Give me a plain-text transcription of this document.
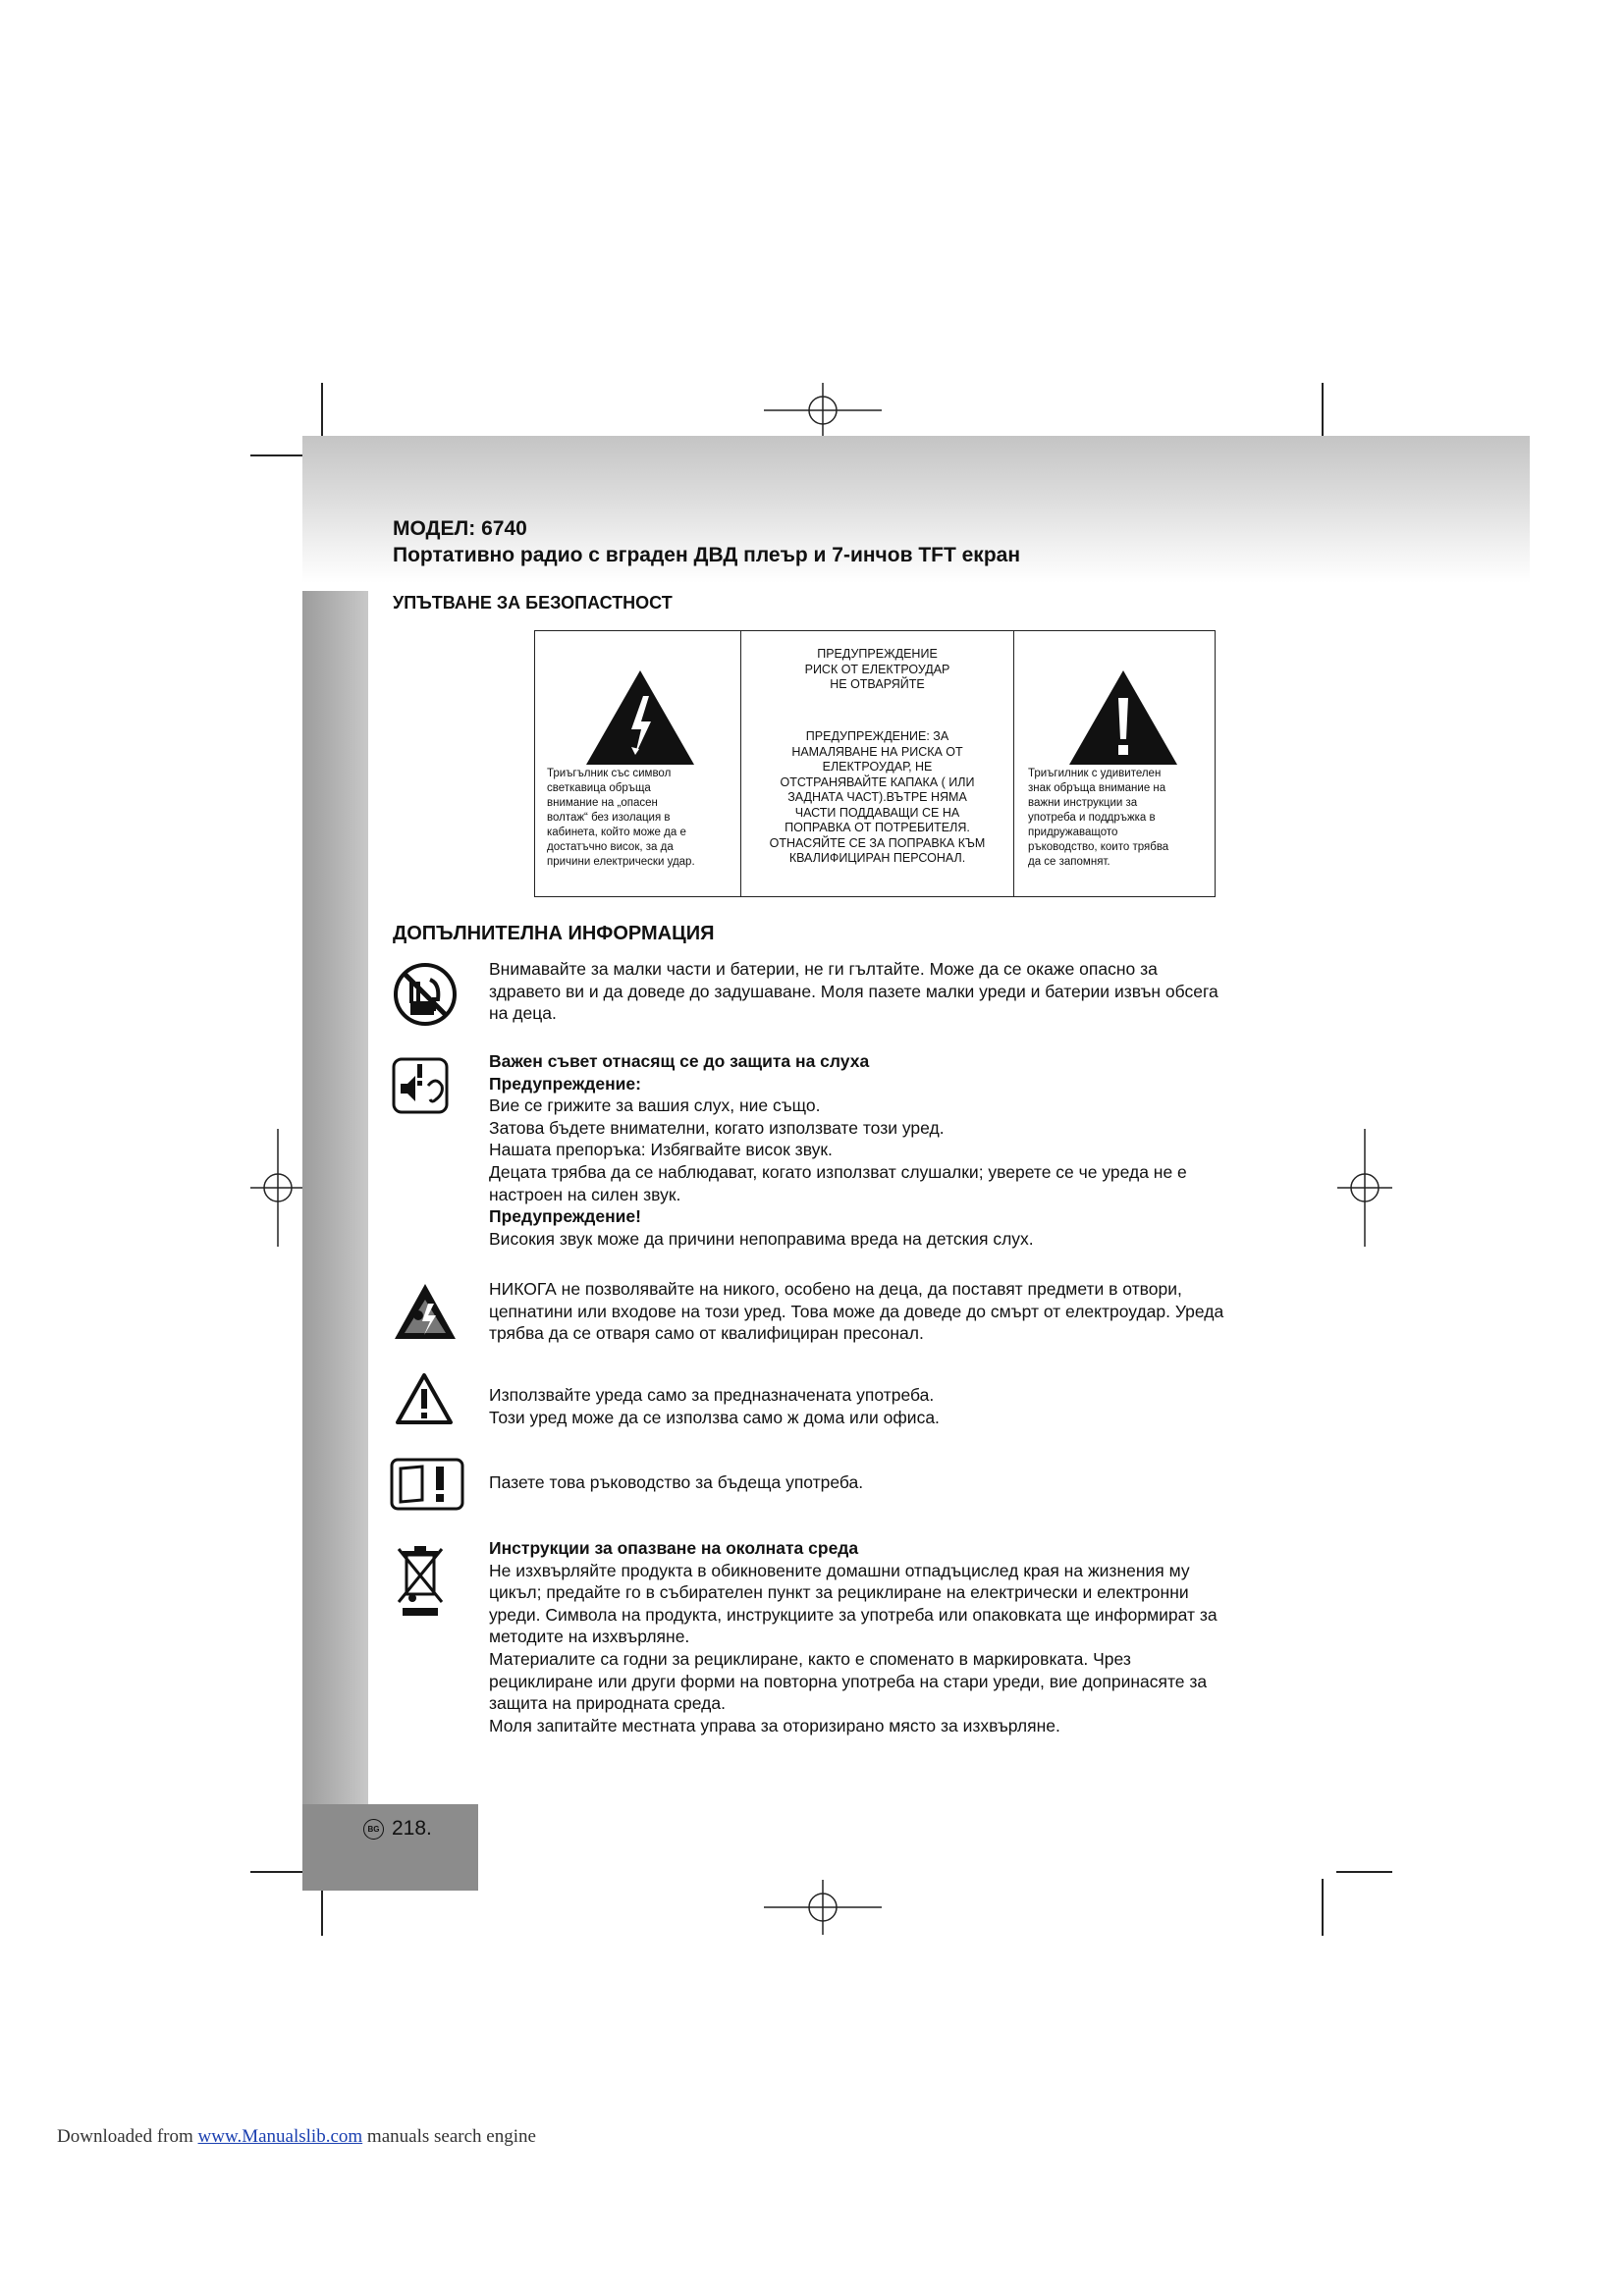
МОДЕЛ: 6740
Портативно радио с вграден ДВД плеър и 7-инчов TFT екран
УПЪТВАНЕ ЗА БЕЗОПАСТНОСТ
Триъгълник със символ
светкавица обръща
внимание на „опасен
волтаж“ без изолация в
кабинета, който може да е
достатъчно висок, за да
причини електрически удар.
ПРЕДУПРЕЖДЕНИЕ
РИСК ОТ ЕЛЕКТРОУДАР
НЕ ОТВАРЯЙТЕ
ПРЕДУПРЕЖДЕНИЕ: ЗА
НАМАЛЯВАНЕ НА РИСКА ОТ
ЕЛЕКТРОУДАР, НЕ
ОТСТРАНЯВАЙТЕ КАПАКА ( ИЛИ
ЗАДНАТА ЧАСТ).ВЪТРЕ НЯМА
ЧАСТИ ПОДДАВАЩИ СЕ НА
ПОПРАВКА ОТ ПОТРЕБИТЕЛЯ.
ОТНАСЯЙТЕ СЕ ЗА ПОПРАВКА КЪМ
КВАЛИФИЦИРАН ПЕРСОНАЛ.
Триъгилник с удивителен
знак обръща внимание на
важни инструкции за
употреба и поддръжка в
придружаващото
ръководство, които трябва
да се запомнят.
ДОПЪЛНИТЕЛНА ИНФОРМАЦИЯ
Внимавайте за малки части и батерии, не ги гълтайте. Може да се окаже опасно за
здравето ви и да доведе до задушаване. Моля пазете малки уреди и батерии извън обсега
на деца.
Важен съвет отнасящ се до защита на слуха
Предупреждение:
Вие се грижите за вашия слух, ние също.
Затова бъдете внимателни, когато използвате този уред.
Нашата препоръка: Избягвайте висок звук.
Децата трябва да се наблюдават, когато използват слушалки; уверете се че уреда не е
настроен на силен звук.
Предупреждение!
Високия звук може да причини непоправима вреда на детския слух.
НИКОГА не позволявайте на никого, особено на деца, да поставят предмети в отвори,
цепнатини или входове на този уред. Това може да доведе до смърт от електроудар. Уреда
трябва да се отваря само от квалифициран пресонал.
Използвайте уреда само за предназначената употреба.
Този уред може да се използва само ж дома или офиса.
Пазете това ръководство за бъдеща употреба.
Инструкции за опазване на околната среда
Не изхвърляйте продукта в обикновените домашни отпадъцислед края на жизнения му
цикъл; предайте го в събирателен пункт за рециклиране на електрически и електронни
уреди. Символа на продукта, инструкциите за употреба или опаковката ще информират за
методите на изхвърляне.
Материалите са годни за рециклиране, както е споменато в маркировката. Чрез
рециклиране или други форми на повторна употреба на стари уреди, вие допринасяте за
защита на природната среда.
Моля запитайте местната управа за оторизирано място за изхвърляне.
BG 218.
Downloaded from www.Manualslib.com manuals search engine
